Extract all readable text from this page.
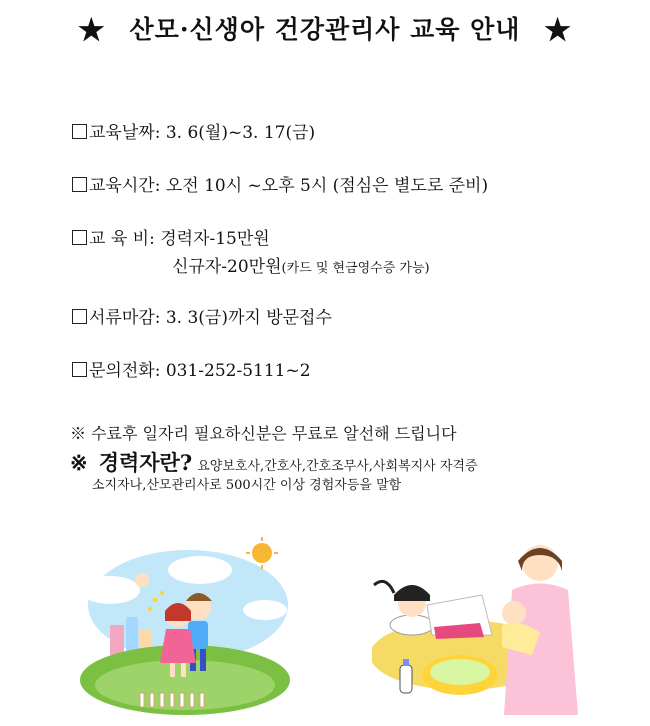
★ 산모·신생아 건강관리사 교육 안내 ★
교육날짜: 3. 6(월)~3. 17(금)
교육시간: 오전 10시 ~오후 5시 (점심은 별도로 준비)
교 육 비: 경력자-15만원
신규자-20만원(카드 및 현금영수증 가능)
서류마감: 3. 3(금)까지 방문접수
문의전화: 031-252-5111~2
※ 수료후 일자리 필요하신분은 무료로 알선해 드립니다
※ 경력자란? 요양보호사,간호사,간호조무사,사회복지사 자격증
소지자나,산모관리사로 500시간 이상 경험자등을 말함
